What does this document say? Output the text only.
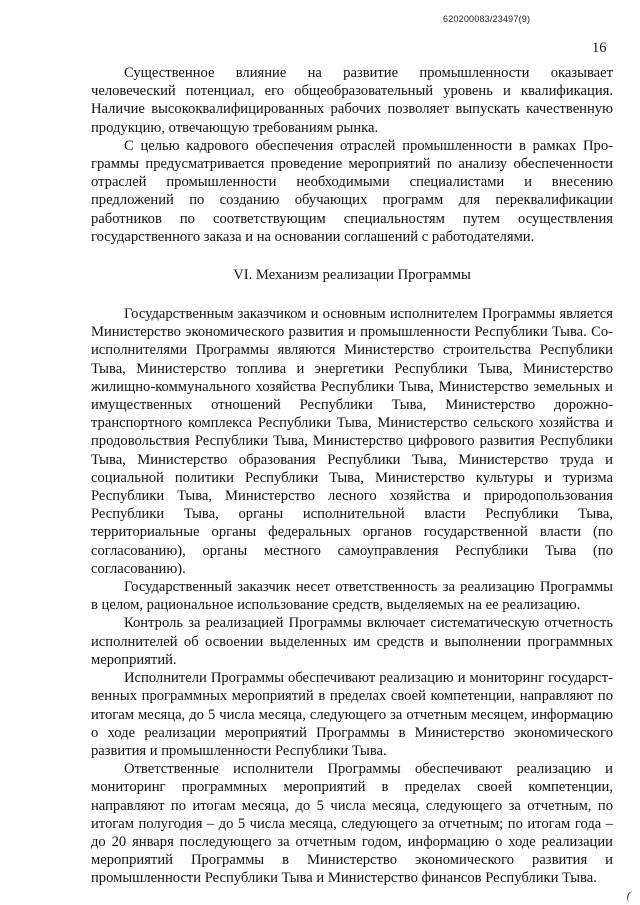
620200083/23497(9)
16

Существенное влияние на развитие промышленности оказывает человеческий потенциал, его общеобразовательный уровень и квалификация. Наличие высококвалифицированных рабочих позволяет выпускать качественную продукцию, отвечающую требованиям рынка.

С целью кадрового обеспечения отраслей промышленности в рамках Программы предусматривается проведение мероприятий по анализу обеспеченности отраслей промышленности необходимыми специалистами и внесению предложений по созданию обучающих программ для переквалификации работников по соответствующим специальностям путем осуществления государственного заказа и на основании соглашений с работодателями.

VI. Механизм реализации Программы

Государственным заказчиком и основным исполнителем Программы является Министерство экономического развития и промышленности Республики Тыва. Соисполнителями Программы являются Министерство строительства Республики Тыва, Министерство топлива и энергетики Республики Тыва, Министерство жилищно-коммунального хозяйства Республики Тыва, Министерство земельных и имущественных отношений Республики Тыва, Министерство дорожно-транспортного комплекса Республики Тыва, Министерство сельского хозяйства и продовольствия Республики Тыва, Министерство цифрового развития Республики Тыва, Министерство образования Республики Тыва, Министерство труда и социальной политики Республики Тыва, Министерство культуры и туризма Республики Тыва, Министерство лесного хозяйства и природопользования Республики Тыва, органы исполнительной власти Республики Тыва, территориальные органы федеральных органов государственной власти (по согласованию), органы местного самоуправления Республики Тыва (по согласованию).

Государственный заказчик несет ответственность за реализацию Программы в целом, рациональное использование средств, выделяемых на ее реализацию.

Контроль за реализацией Программы включает систематическую отчетность исполнителей об освоении выделенных им средств и выполнении программных мероприятий.

Исполнители Программы обеспечивают реализацию и мониторинг государственных программных мероприятий в пределах своей компетенции, направляют по итогам месяца, до 5 числа месяца, следующего за отчетным месяцем, информацию о ходе реализации мероприятий Программы в Министерство экономического развития и промышленности Республики Тыва.

Ответственные исполнители Программы обеспечивают реализацию и мониторинг программных мероприятий в пределах своей компетенции, направляют по итогам месяца, до 5 числа месяца, следующего за отчетным, по итогам полугодия – до 5 числа месяца, следующего за отчетным; по итогам года – до 20 января последующего за отчетным годом, информацию о ходе реализации мероприятий Программы в Министерство экономического развития и промышленности Республики Тыва и Министерство финансов Республики Тыва.

(
